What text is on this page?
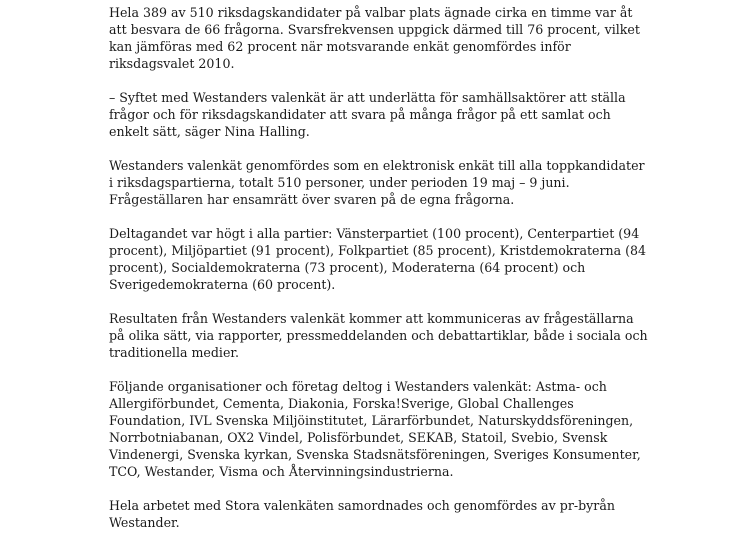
Hela 389 av 510 riksdagskandidater på valbar plats ägnade cirka en timme var åt att besvara de 66 frågorna. Svarsfrekvensen uppgick därmed till 76 procent, vilket kan jämföras med 62 procent när motsvarande enkät genomfördes inför riksdagsvalet 2010.

– Syftet med Westanders valenkät är att underlätta för samhällsaktörer att ställa frågor och för riksdagskandidater att svara på många frågor på ett samlat och enkelt sätt, säger Nina Halling.

Westanders valenkät genomfördes som en elektronisk enkät till alla toppkandidater i riksdagspartierna, totalt 510 personer, under perioden 19 maj – 9 juni. Frågeställaren har ensamrätt över svaren på de egna frågorna.

Deltagandet var högt i alla partier: Vänsterpartiet (100 procent), Centerpartiet (94 procent), Miljöpartiet (91 procent), Folkpartiet (85 procent), Kristdemokraterna (84 procent), Socialdemokraterna (73 procent), Moderaterna (64 procent) och Sverigedemokraterna (60 procent).

Resultaten från Westanders valenkät kommer att kommuniceras av frågeställarna på olika sätt, via rapporter, pressmeddelanden och debattartiklar, både i sociala och traditionella medier.

Följande organisationer och företag deltog i Westanders valenkät: Astma- och Allergiförbundet, Cementa, Diakonia, Forska!Sverige, Global Challenges Foundation, IVL Svenska Miljöinstitutet, Lärarförbundet, Naturskyddsföreningen, Norrbotniabanan, OX2 Vindel, Polisförbundet, SEKAB, Statoil, Svebio, Svensk Vindenergi, Svenska kyrkan, Svenska Stadsnätsföreningen, Sveriges Konsumenter, TCO, Westander, Visma och Återvinningsindustrierna.

Hela arbetet med Stora valenkäten samordnades och genomfördes av pr-byrån Westander.
